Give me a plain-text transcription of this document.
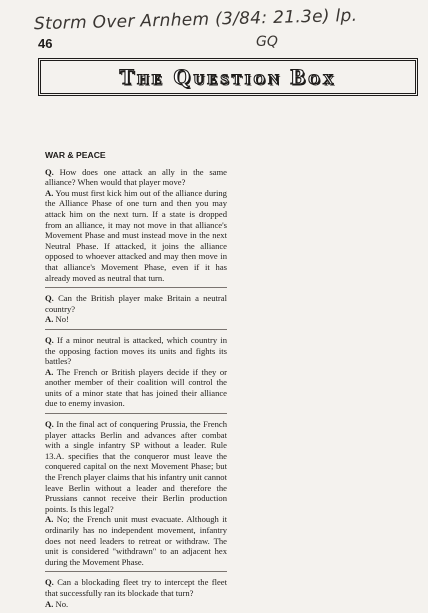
Storm Over Arnhem (3/84: 21.3e) lp.
GQ
46
The Question Box
WAR & PEACE

Q. How does one attack an ally in the same alliance? When would that player move?

A. You must first kick him out of the alliance during the Alliance Phase of one turn and then you may attack him on the next turn. If a state is dropped from an alliance, it may not move in that alliance's Movement Phase and must instead move in the next Neutral Phase. If attacked, it joins the alliance opposed to whoever attacked and may then move in that alliance's Movement Phase, even if it has already moved as neutral that turn.

Q. Can the British player make Britain a neutral country?

A. No!

Q. If a minor neutral is attacked, which country in the opposing faction moves its units and fights its battles?

A. The French or British players decide if they or another member of their coalition will control the units of a minor state that has joined their alliance due to enemy invasion.

Q. In the final act of conquering Prussia, the French player attacks Berlin and advances after combat with a single infantry SP without a leader. Rule 13.A. specifies that the conqueror must leave the conquered capital on the next Movement Phase; but the French player claims that his infantry unit cannot leave Berlin without a leader and therefore the Prussians cannot receive their Berlin production points. Is this legal?

A. No; the French unit must evacuate. Although it ordinarily has no independent movement, infantry does not need leaders to retreat or withdraw. The unit is considered "withdrawn" to an adjacent hex during the Movement Phase.

Q. Can a blockading fleet try to intercept the fleet that successfully ran its blockade that turn?

A. No.
